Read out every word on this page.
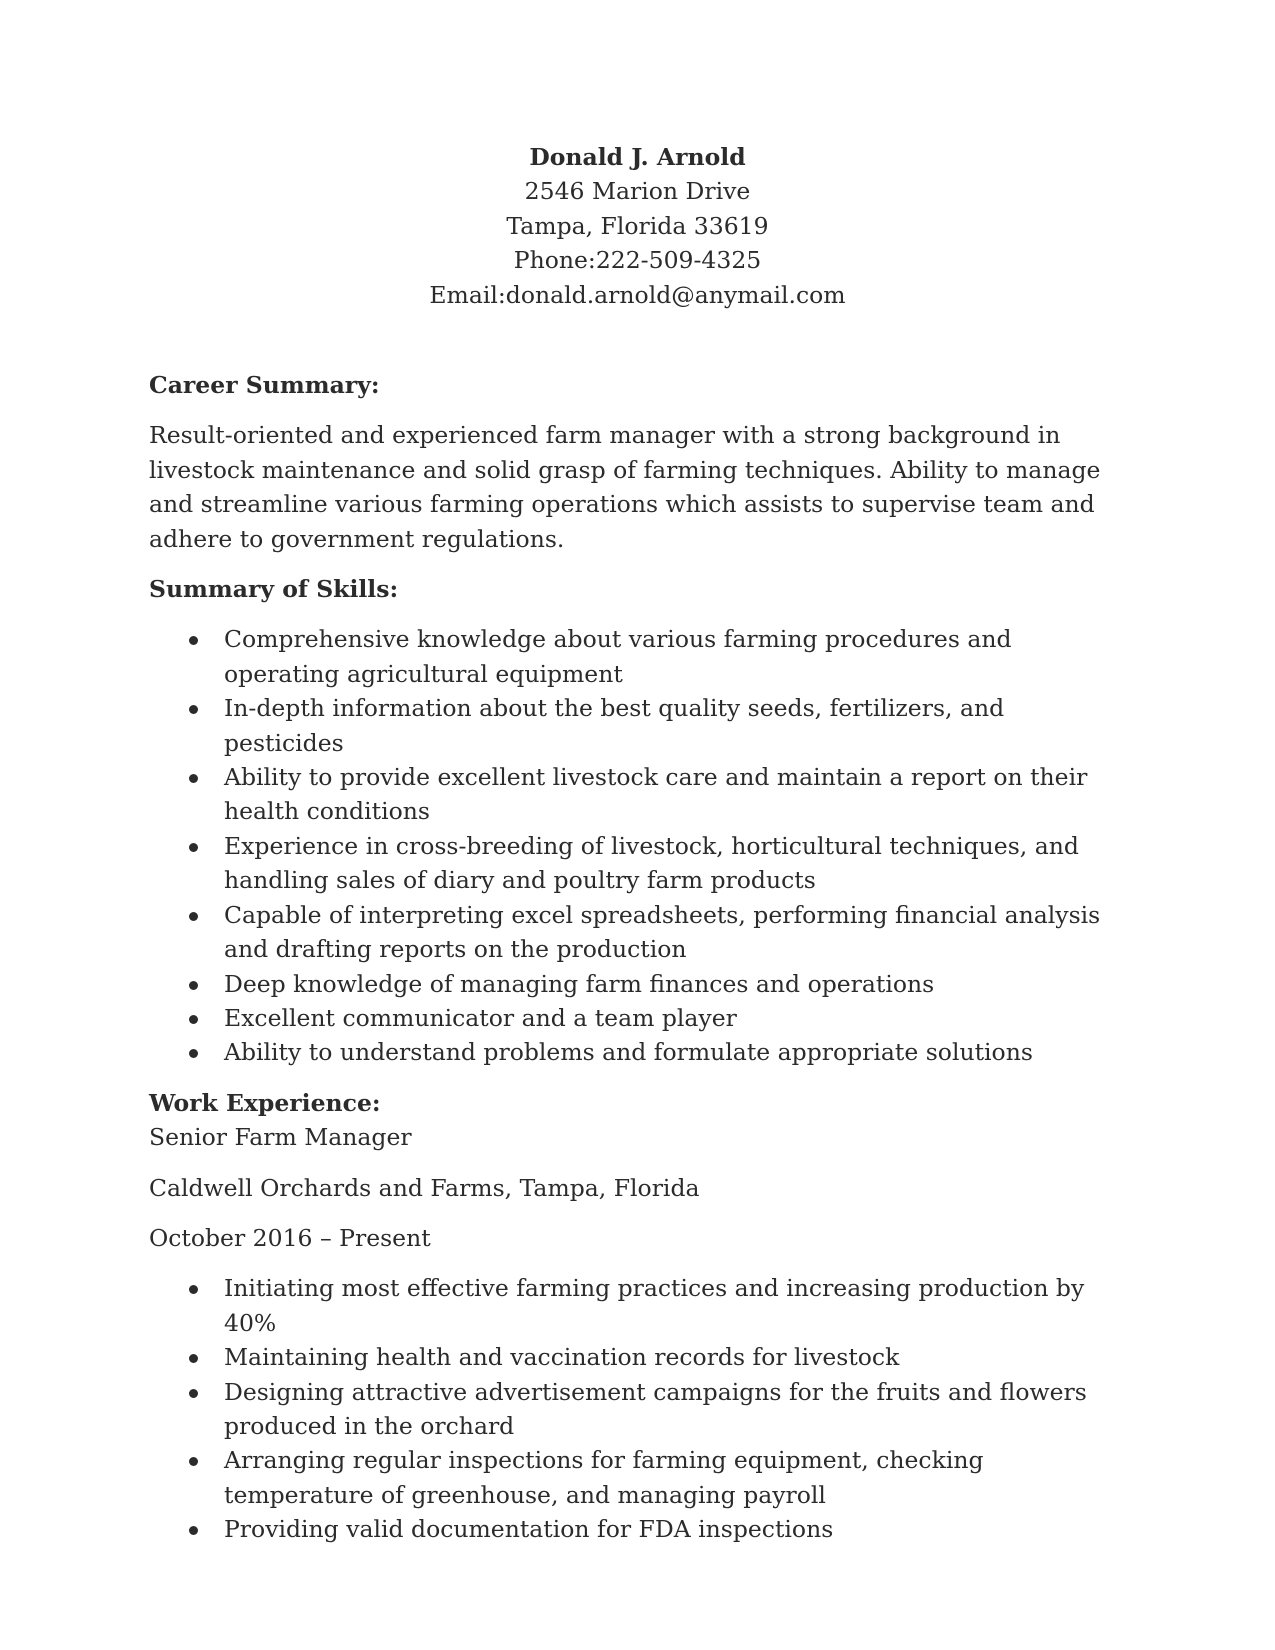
Donald J. Arnold
2546 Marion Drive
Tampa, Florida 33619
Phone:222-509-4325
Email:donald.arnold@anymail.com

Career Summary:

Result-oriented and experienced farm manager with a strong background in livestock maintenance and solid grasp of farming techniques. Ability to manage and streamline various farming operations which assists to supervise team and adhere to government regulations.

Summary of Skills:

Comprehensive knowledge about various farming procedures and operating agricultural equipment
In-depth information about the best quality seeds, fertilizers, and pesticides
Ability to provide excellent livestock care and maintain a report on their health conditions
Experience in cross-breeding of livestock, horticultural techniques, and handling sales of diary and poultry farm products
Capable of interpreting excel spreadsheets, performing financial analysis and drafting reports on the production
Deep knowledge of managing farm finances and operations
Excellent communicator and a team player
Ability to understand problems and formulate appropriate solutions

Work Experience:

Senior Farm Manager

Caldwell Orchards and Farms, Tampa, Florida

October 2016 – Present

Initiating most effective farming practices and increasing production by 40%
Maintaining health and vaccination records for livestock
Designing attractive advertisement campaigns for the fruits and flowers produced in the orchard
Arranging regular inspections for farming equipment, checking temperature of greenhouse, and managing payroll
Providing valid documentation for FDA inspections
